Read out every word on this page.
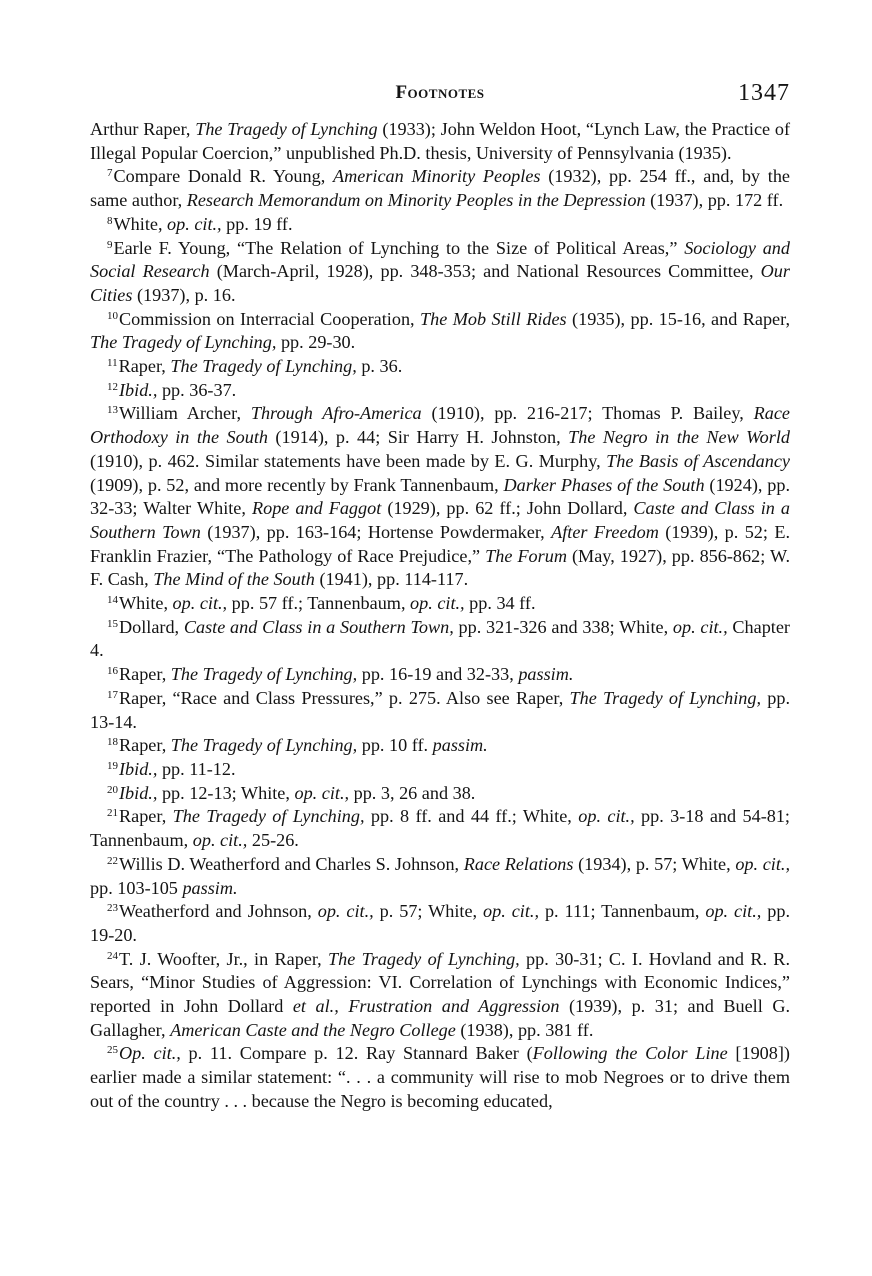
Footnotes	1347

Arthur Raper, The Tragedy of Lynching (1933); John Weldon Hoot, “Lynch Law, the Practice of Illegal Popular Coercion,” unpublished Ph.D. thesis, University of Pennsylvania (1935).

$^7$Compare Donald R. Young, American Minority Peoples (1932), pp. 254 ff., and, by the same author, Research Memorandum on Minority Peoples in the Depression (1937), pp. 172 ff.

$^8$White, op. cit., pp. 19 ff.

$^9$Earle F. Young, “The Relation of Lynching to the Size of Political Areas,” Sociology and Social Research (March-April, 1928), pp. 348-353; and National Resources Committee, Our Cities (1937), p. 16.

$^{10}$Commission on Interracial Cooperation, The Mob Still Rides (1935), pp. 15-16, and Raper, The Tragedy of Lynching, pp. 29-30.

$^{11}$Raper, The Tragedy of Lynching, p. 36.

$^{12}$Ibid., pp. 36-37.

$^{13}$William Archer, Through Afro-America (1910), pp. 216-217; Thomas P. Bailey, Race Orthodoxy in the South (1914), p. 44; Sir Harry H. Johnston, The Negro in the New World (1910), p. 462. Similar statements have been made by E. G. Murphy, The Basis of Ascendancy (1909), p. 52, and more recently by Frank Tannenbaum, Darker Phases of the South (1924), pp. 32-33; Walter White, Rope and Faggot (1929), pp. 62 ff.; John Dollard, Caste and Class in a Southern Town (1937), pp. 163-164; Hortense Powdermaker, After Freedom (1939), p. 52; E. Franklin Frazier, “The Pathology of Race Prejudice,” The Forum (May, 1927), pp. 856-862; W. F. Cash, The Mind of the South (1941), pp. 114-117.

$^{14}$White, op. cit., pp. 57 ff.; Tannenbaum, op. cit., pp. 34 ff.

$^{15}$Dollard, Caste and Class in a Southern Town, pp. 321-326 and 338; White, op. cit., Chapter 4.

$^{16}$Raper, The Tragedy of Lynching, pp. 16-19 and 32-33, passim.

$^{17}$Raper, “Race and Class Pressures,” p. 275. Also see Raper, The Tragedy of Lynching, pp. 13-14.

$^{18}$Raper, The Tragedy of Lynching, pp. 10 ff. passim.

$^{19}$Ibid., pp. 11-12.

$^{20}$Ibid., pp. 12-13; White, op. cit., pp. 3, 26 and 38.

$^{21}$Raper, The Tragedy of Lynching, pp. 8 ff. and 44 ff.; White, op. cit., pp. 3-18 and 54-81; Tannenbaum, op. cit., 25-26.

$^{22}$Willis D. Weatherford and Charles S. Johnson, Race Relations (1934), p. 57; White, op. cit., pp. 103-105 passim.

$^{23}$Weatherford and Johnson, op. cit., p. 57; White, op. cit., p. 111; Tannenbaum, op. cit., pp. 19-20.

$^{24}$T. J. Woofter, Jr., in Raper, The Tragedy of Lynching, pp. 30-31; C. I. Hovland and R. R. Sears, “Minor Studies of Aggression: VI. Correlation of Lynchings with Economic Indices,” reported in John Dollard et al., Frustration and Aggression (1939), p. 31; and Buell G. Gallagher, American Caste and the Negro College (1938), pp. 381 ff.

$^{25}$Op. cit., p. 11. Compare p. 12. Ray Stannard Baker (Following the Color Line [1908]) earlier made a similar statement: “. . . a community will rise to mob Negroes or to drive them out of the country . . . because the Negro is becoming educated,
